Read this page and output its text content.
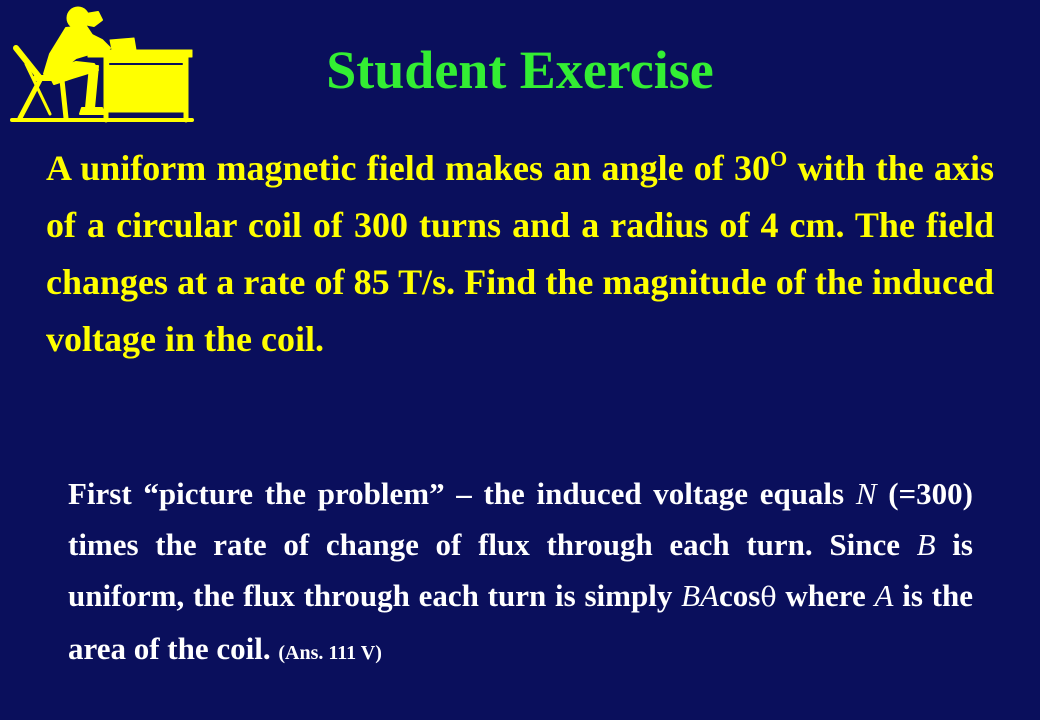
Student Exercise

A uniform magnetic field makes an angle of $30^O$ with the axis of a circular coil of 300 turns and a radius of 4 cm. The field changes at a rate of 85 T/s. Find the magnitude of the induced voltage in the coil.

First “picture the problem” – the induced voltage equals N (=300) times the rate of change of flux through each turn. Since B is uniform, the flux through each turn is simply BAcosθ where A is the area of the coil. (Ans. 111 V)
